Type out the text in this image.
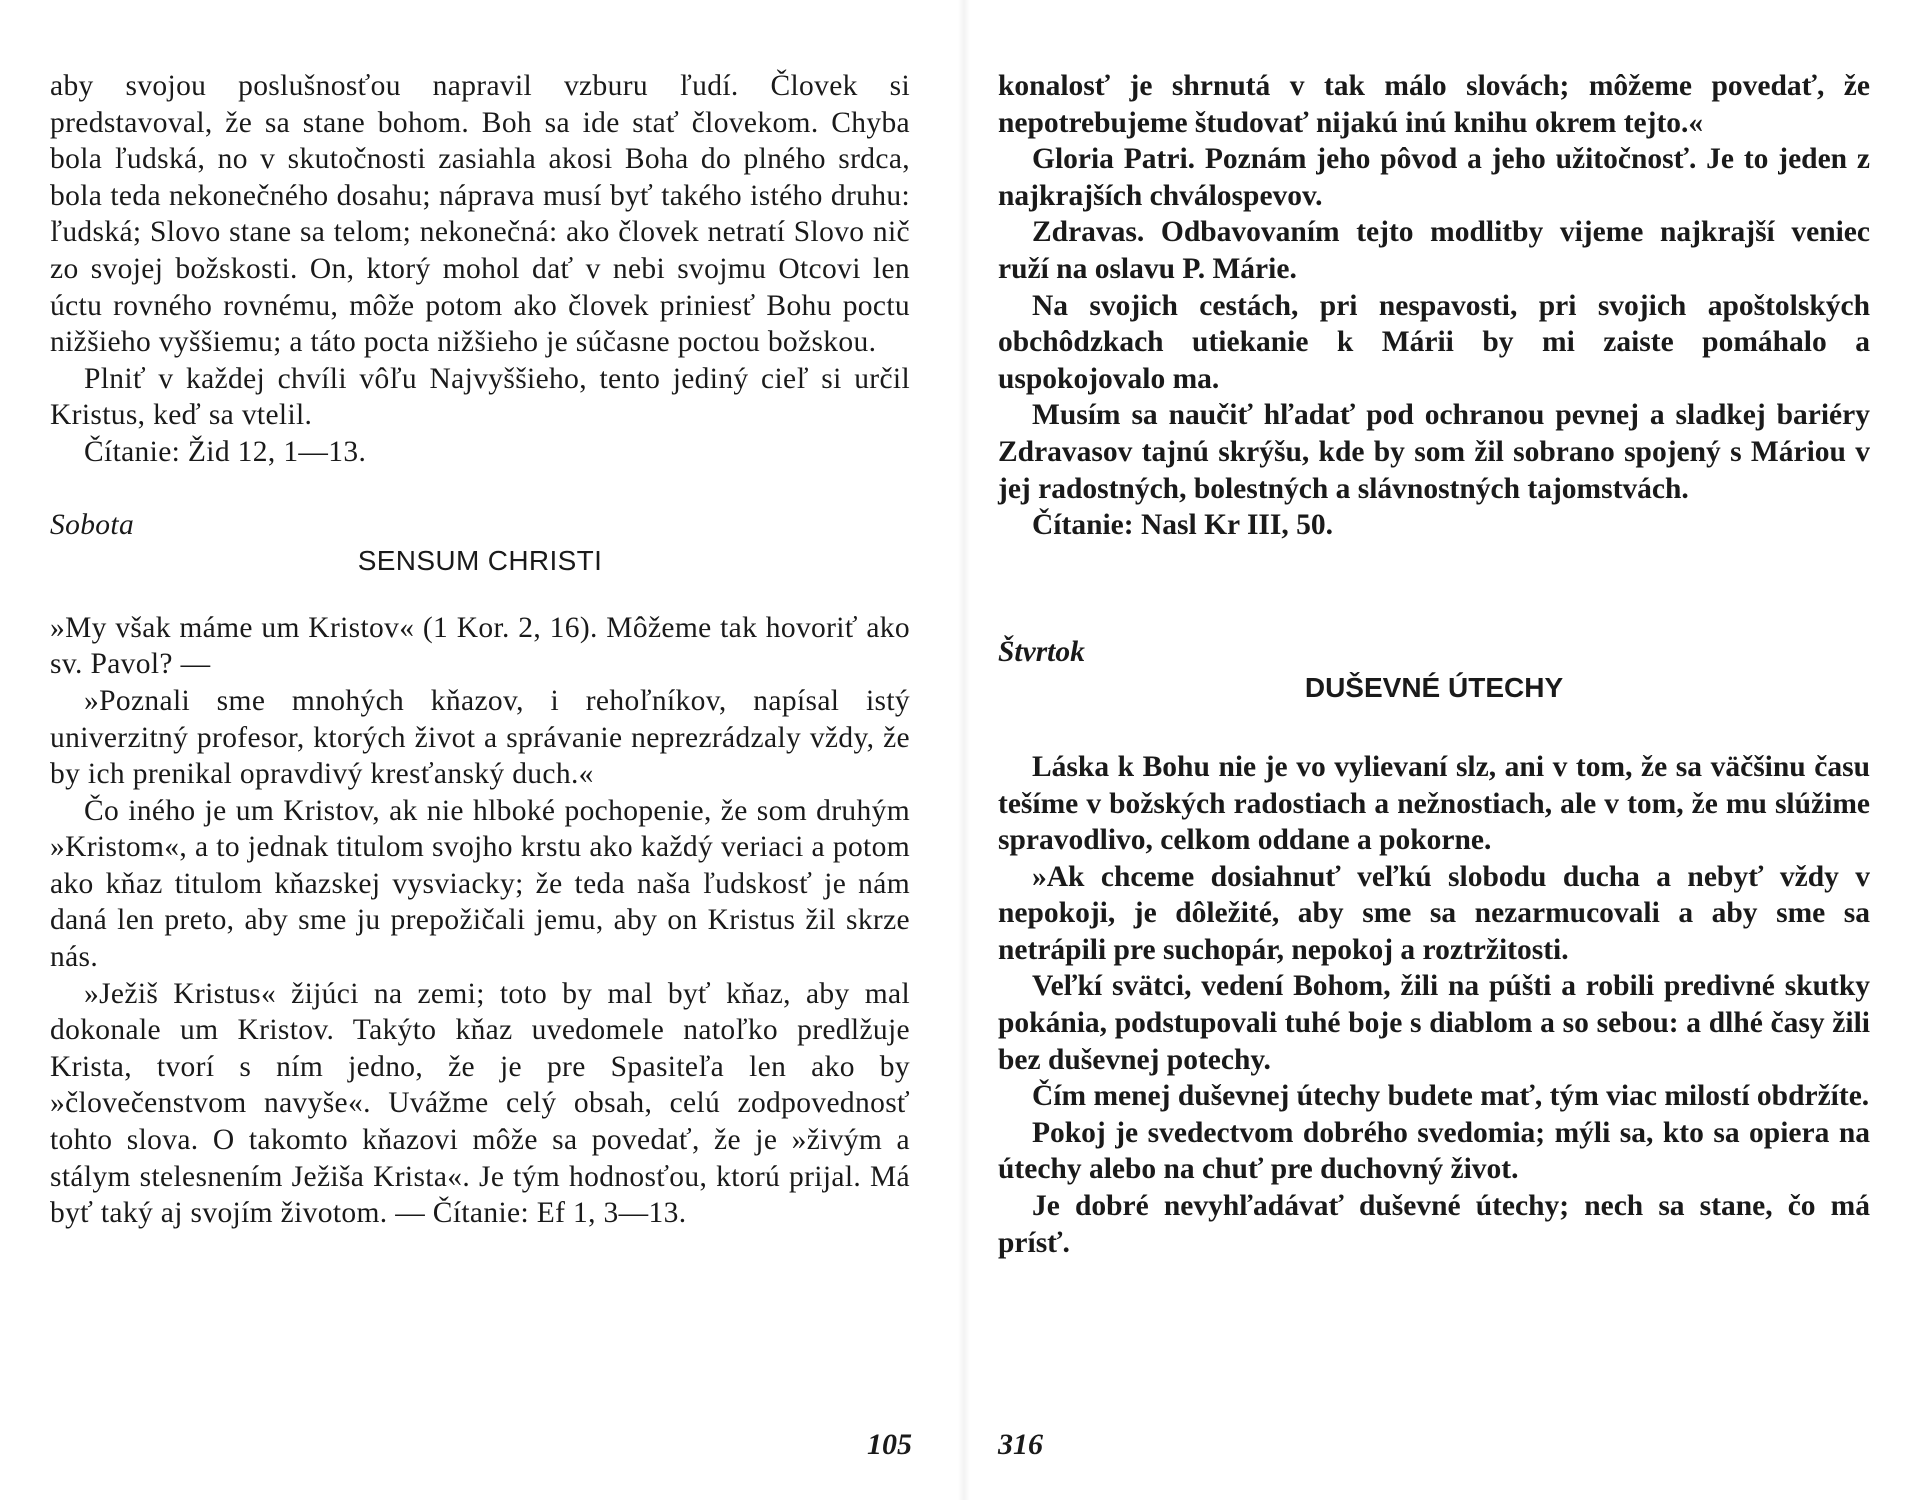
aby svojou poslušnosťou napravil vzburu ľudí. Človek si predstavoval, že sa stane bohom. Boh sa ide stať človekom. Chyba bola ľudská, no v skutočnosti zasiahla akosi Boha do plného srdca, bola teda nekonečného dosahu; náprava musí byť takého istého druhu: ľudská; Slovo stane sa telom; nekonečná: ako človek netratí Slovo nič zo svojej božskosti. On, ktorý mohol dať v nebi svojmu Otcovi len úctu rovného rovnému, môže potom ako človek priniesť Bohu poctu nižšieho vyššiemu; a táto pocta nižšieho je súčasne poctou božskou.

Plniť v každej chvíli vôľu Najvyššieho, tento jediný cieľ si určil Kristus, keď sa vtelil.

Čítanie: Žid 12, 1—13.

Sobota

SENSUM CHRISTI

»My však máme um Kristov« (1 Kor. 2, 16). Môžeme tak hovoriť ako sv. Pavol? —

»Poznali sme mnohých kňazov, i rehoľníkov, napísal istý univerzitný profesor, ktorých život a správanie neprezrádzaly vždy, že by ich prenikal opravdivý kresťanský duch.«

Čo iného je um Kristov, ak nie hlboké pochopenie, že som druhým »Kristom«, a to jednak titulom svojho krstu ako každý veriaci a potom ako kňaz titulom kňazskej vysviacky; že teda naša ľudskosť je nám daná len preto, aby sme ju prepožičali jemu, aby on Kristus žil skrze nás.

»Ježiš Kristus« žijúci na zemi; toto by mal byť kňaz, aby mal dokonale um Kristov. Takýto kňaz uvedomele natoľko predlžuje Krista, tvorí s ním jedno, že je pre Spasiteľa len ako by »človečenstvom navyše«. Uvážme celý obsah, celú zodpovednosť tohto slova. O takomto kňazovi môže sa povedať, že je »živým a stálym stelesnením Ježiša Krista«. Je tým hodnosťou, ktorú prijal. Má byť taký aj svojím životom. — Čítanie: Ef 1, 3—13.

105

konalosť je shrnutá v tak málo slovách; môžeme povedať, že nepotrebujeme študovať nijakú inú knihu okrem tejto.«

Gloria Patri. Poznám jeho pôvod a jeho užitočnosť. Je to jeden z najkrajších chválospevov.

Zdravas. Odbavovaním tejto modlitby vijeme najkrajší veniec ruží na oslavu P. Márie.

Na svojich cestách, pri nespavosti, pri svojich apoštolských obchôdzkach utiekanie k Márii by mi zaiste pomáhalo a uspokojovalo ma.

Musím sa naučiť hľadať pod ochranou pevnej a sladkej bariéry Zdravasov tajnú skrýšu, kde by som žil sobrano spojený s Máriou v jej radostných, bolestných a slávnostných tajomstvách.

Čítanie: Nasl Kr III, 50.

Štvrtok

DUŠEVNÉ ÚTECHY

Láska k Bohu nie je vo vylievaní slz, ani v tom, že sa väčšinu času tešíme v božských radostiach a nežnostiach, ale v tom, že mu slúžime spravodlivo, celkom oddane a pokorne.

»Ak chceme dosiahnuť veľkú slobodu ducha a nebyť vždy v nepokoji, je dôležité, aby sme sa nezarmucovali a aby sme sa netrápili pre suchopár, nepokoj a roztržitosti.

Veľkí svätci, vedení Bohom, žili na púšti a robili predivné skutky pokánia, podstupovali tuhé boje s diablom a so sebou: a dlhé časy žili bez duševnej potechy.

Čím menej duševnej útechy budete mať, tým viac milostí obdržíte.

Pokoj je svedectvom dobrého svedomia; mýli sa, kto sa opiera na útechy alebo na chuť pre duchovný život.

Je dobré nevyhľadávať duševné útechy; nech sa stane, čo má prísť.

316
